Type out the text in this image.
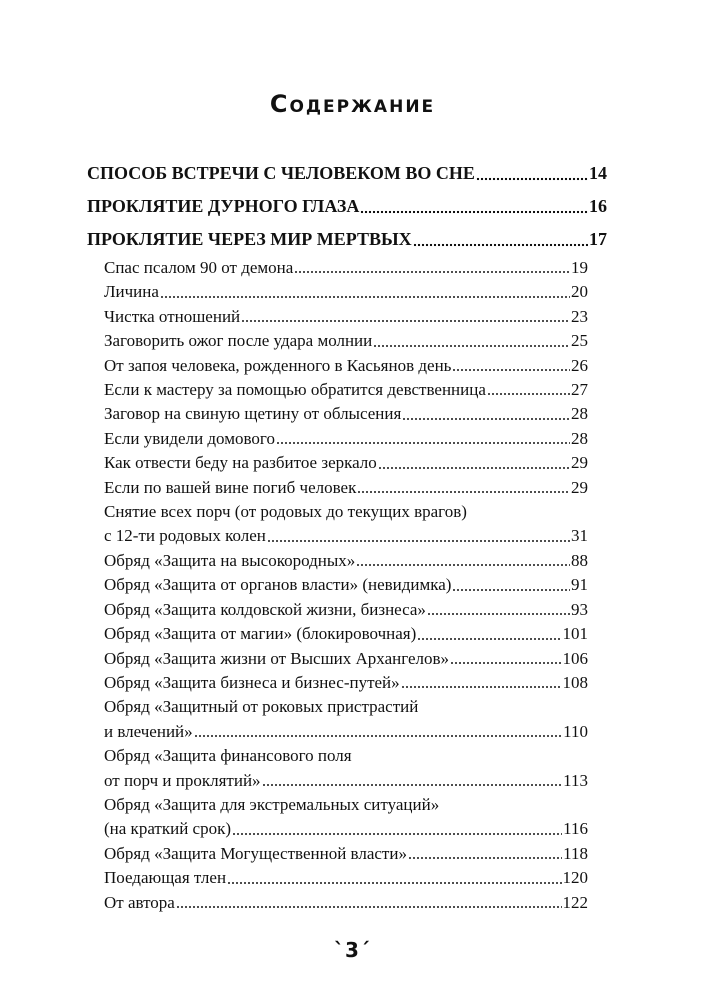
Содержание
СПОСОБ ВСТРЕЧИ С ЧЕЛОВЕКОМ ВО СНЕ	14
ПРОКЛЯТИЕ ДУРНОГО ГЛАЗА	16
ПРОКЛЯТИЕ ЧЕРЕЗ МИР МЕРТВЫХ	17
Спас псалом 90 от демона	19
Личина	20
Чистка отношений	23
Заговорить ожог после удара молнии	25
От запоя человека, рожденного в Касьянов день	26
Если к мастеру за помощью обратится девственница	27
Заговор на свиную щетину от облысения	28
Если увидели домового	28
Как отвести беду на разбитое зеркало	29
Если по вашей вине погиб человек	29
Снятие всех порч (от родовых до текущих врагов)
с 12-ти родовых колен	31
Обряд «Защита на высокородных»	88
Обряд «Защита от органов власти» (невидимка)	91
Обряд «Защита колдовской жизни, бизнеса»	93
Обряд «Защита от магии» (блокировочная)	101
Обряд «Защита жизни от Высших Архангелов»	106
Обряд «Защита бизнеса и бизнес-путей»	108
Обряд «Защитный от роковых пристрастий
и влечений»	110
Обряд «Защита финансового поля
от порч и проклятий»	113
Обряд «Защита для экстремальных ситуаций»
(на краткий срок)	116
Обряд «Защита Могущественной власти»	118
Поедающая тлен	120
От автора	122
`3´
